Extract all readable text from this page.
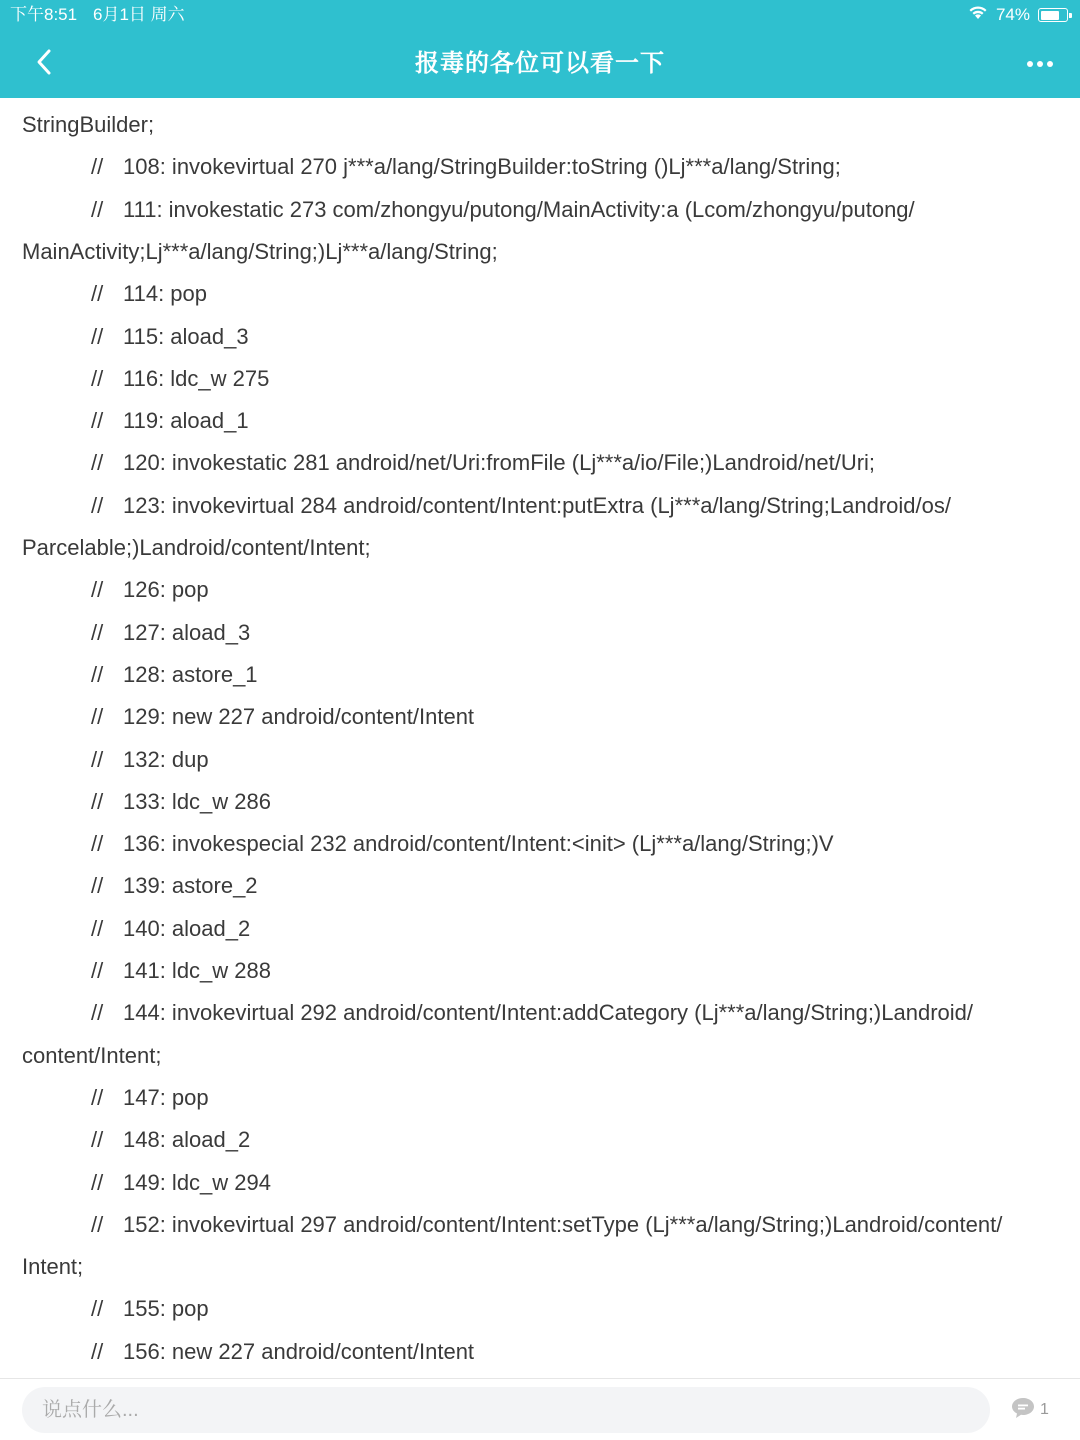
下午8:51 6月1日 周六	74%
报毒的各位可以看一下
StringBuilder;
// 108: invokevirtual 270 j***a/lang/StringBuilder:toString ()Lj***a/lang/String;
// 111: invokestatic 273 com/zhongyu/putong/MainActivity:a (Lcom/zhongyu/putong/
MainActivity;Lj***a/lang/String;)Lj***a/lang/String;
// 114: pop
// 115: aload_3
// 116: ldc_w 275
// 119: aload_1
// 120: invokestatic 281 android/net/Uri:fromFile (Lj***a/io/File;)Landroid/net/Uri;
// 123: invokevirtual 284 android/content/Intent:putExtra (Lj***a/lang/String;Landroid/os/
Parcelable;)Landroid/content/Intent;
// 126: pop
// 127: aload_3
// 128: astore_1
// 129: new 227 android/content/Intent
// 132: dup
// 133: ldc_w 286
// 136: invokespecial 232 android/content/Intent:<init> (Lj***a/lang/String;)V
// 139: astore_2
// 140: aload_2
// 141: ldc_w 288
// 144: invokevirtual 292 android/content/Intent:addCategory (Lj***a/lang/String;)Landroid/
content/Intent;
// 147: pop
// 148: aload_2
// 149: ldc_w 294
// 152: invokevirtual 297 android/content/Intent:setType (Lj***a/lang/String;)Landroid/content/
Intent;
// 155: pop
// 156: new 227 android/content/Intent
说点什么...
1
